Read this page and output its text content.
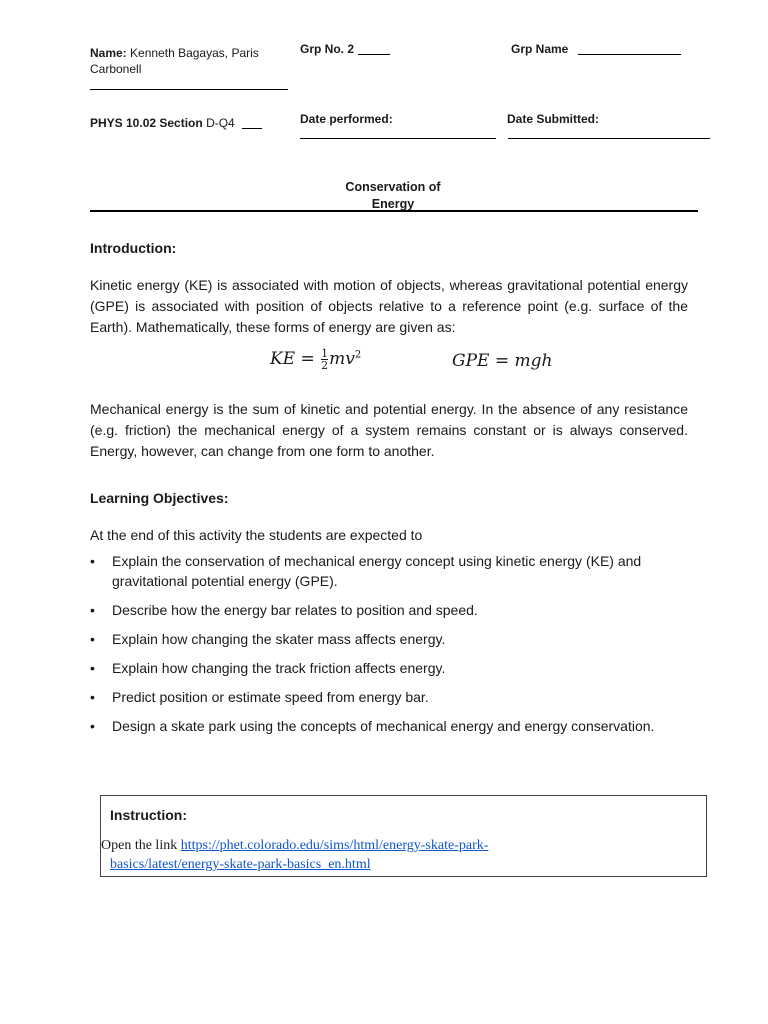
Name: Kenneth Bagayas, Paris
Carbonell
Grp No. 2	Grp Name
PHYS 10.02 Section D-Q4	Date performed:	Date Submitted:
Conservation of
Energy
Introduction:
Kinetic energy (KE) is associated with motion of objects, whereas gravitational potential energy (GPE) is associated with position of objects relative to a reference point (e.g. surface of the Earth). Mathematically, these forms of energy are given as:
KE = $\frac{1}{2} mv^2$	GPE = mgh
Mechanical energy is the sum of kinetic and potential energy. In the absence of any resistance (e.g. friction) the mechanical energy of a system remains constant or is always conserved. Energy, however, can change from one form to another.
Learning Objectives:
At the end of this activity the students are expected to
• Explain the conservation of mechanical energy concept using kinetic energy (KE) and gravitational potential energy (GPE).
• Describe how the energy bar relates to position and speed.
• Explain how changing the skater mass affects energy.
• Explain how changing the track friction affects energy.
• Predict position or estimate speed from energy bar.
• Design a skate park using the concepts of mechanical energy and energy conservation.
Instruction:
Open the link https://phet.colorado.edu/sims/html/energy-skate-park-
basics/latest/energy-skate-park-basics_en.html
